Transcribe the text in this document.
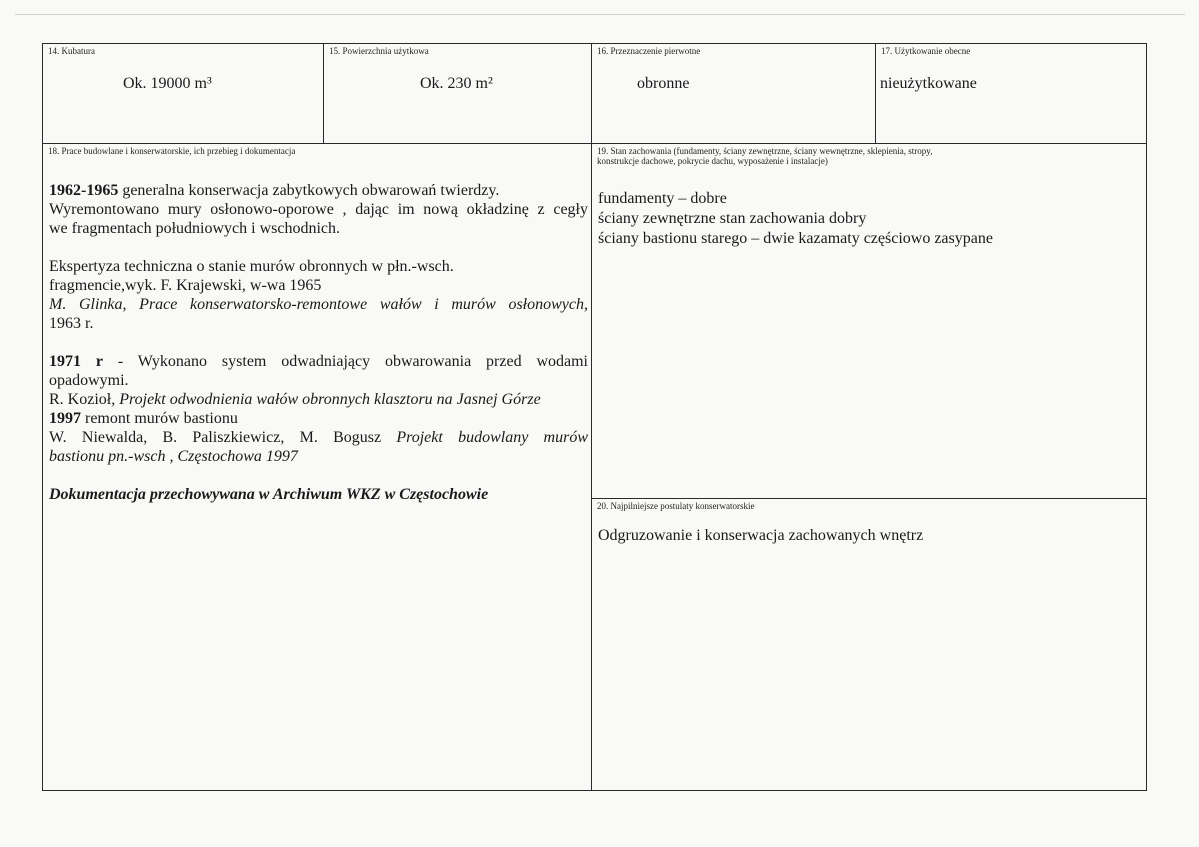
14. Kubatura
Ok. 19000 m³
15. Powierzchnia użytkowa
Ok. 230 m²
16. Przeznaczenie pierwotne
obronne
17. Użytkowanie obecne
nieużytkowane
18. Prace budowlane i konserwatorskie, ich przebieg i dokumentacja

1962-1965 generalna konserwacja zabytkowych obwarowań twierdzy.

Wyremontowano mury osłonowo-oporowe , dając im nową okładzinę z cegły

we fragmentach południowych i wschodnich.

Ekspertyza techniczna o stanie murów obronnych w płn.-wsch.

fragmencie,wyk. F. Krajewski, w-wa 1965

M. Glinka, Prace konserwatorsko-remontowe wałów i murów osłonowych,

1963 r.

1971 r - Wykonano system odwadniający obwarowania przed wodami

opadowymi.

R. Kozioł, Projekt odwodnienia wałów obronnych klasztoru na Jasnej Górze

1997 remont murów bastionu

W. Niewalda, B. Paliszkiewicz, M. Bogusz Projekt budowlany murów

bastionu pn.-wsch , Częstochowa 1997

Dokumentacja przechowywana w Archiwum WKZ w Częstochowie

19. Stan zachowania (fundamenty, ściany zewnętrzne, ściany wewnętrzne, sklepienia, stropy,
konstrukcje dachowe, pokrycie dachu, wyposażenie i instalacje)
fundamenty – dobre
ściany zewnętrzne stan zachowania dobry
ściany bastionu starego – dwie kazamaty częściowo zasypane
20. Najpilniejsze postulaty konserwatorskie
Odgruzowanie i konserwacja zachowanych wnętrz
